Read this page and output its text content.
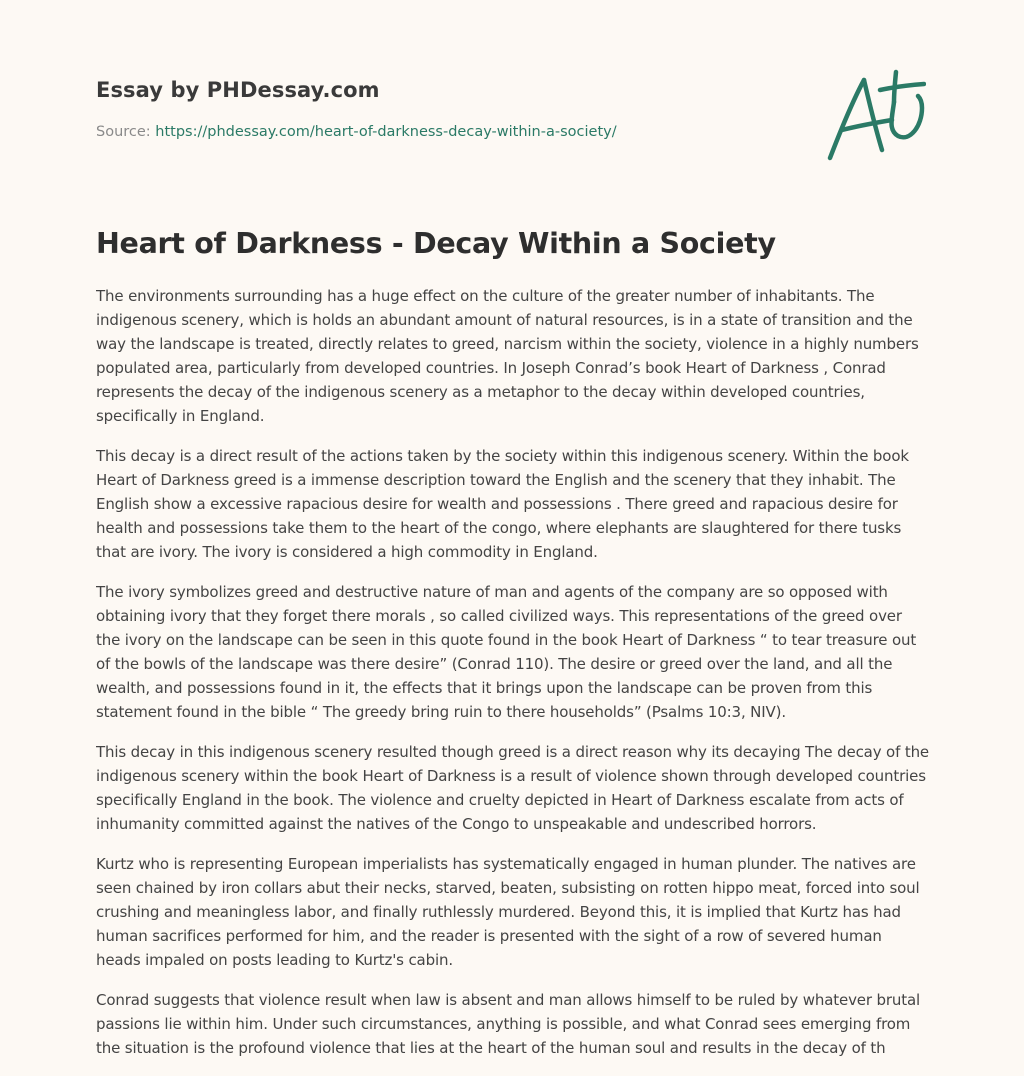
Essay by PHDessay.com
Source: https://phdessay.com/heart-of-darkness-decay-within-a-society/
Heart of Darkness - Decay Within a Society

The environments surrounding has a huge effect on the culture of the greater number of inhabitants. The indigenous scenery, which is holds an abundant amount of natural resources, is in a state of transition and the way the landscape is treated, directly relates to greed, narcism within the society, violence in a highly numbers populated area, particularly from developed countries. In Joseph Conrad’s book Heart of Darkness , Conrad represents the decay of the indigenous scenery as a metaphor to the decay within developed countries, specifically in England.

This decay is a direct result of the actions taken by the society within this indigenous scenery. Within the book Heart of Darkness greed is a immense description toward the English and the scenery that they inhabit. The English show a excessive rapacious desire for wealth and possessions . There greed and rapacious desire for health and possessions take them to the heart of the congo, where elephants are slaughtered for there tusks that are ivory. The ivory is considered a high commodity in England.

The ivory symbolizes greed and destructive nature of man and agents of the company are so opposed with obtaining ivory that they forget there morals , so called civilized ways. This representations of the greed over the ivory on the landscape can be seen in this quote found in the book Heart of Darkness “ to tear treasure out of the bowls of the landscape was there desire” (Conrad 110). The desire or greed over the land, and all the wealth, and possessions found in it, the effects that it brings upon the landscape can be proven from this statement found in the bible “ The greedy bring ruin to there households” (Psalms 10:3, NIV).

This decay in this indigenous scenery resulted though greed is a direct reason why its decaying The decay of the indigenous scenery within the book Heart of Darkness is a result of violence shown through developed countries specifically England in the book. The violence and cruelty depicted in Heart of Darkness escalate from acts of inhumanity committed against the natives of the Congo to unspeakable and undescribed horrors.

Kurtz who is representing European imperialists has systematically engaged in human plunder. The natives are seen chained by iron collars abut their necks, starved, beaten, subsisting on rotten hippo meat, forced into soul crushing and meaningless labor, and finally ruthlessly murdered. Beyond this, it is implied that Kurtz has had human sacrifices performed for him, and the reader is presented with the sight of a row of severed human heads impaled on posts leading to Kurtz's cabin.

Conrad suggests that violence result when law is absent and man allows himself to be ruled by whatever brutal passions lie within him. Under such circumstances, anything is possible, and what Conrad sees emerging from the situation is the profound violence that lies at the heart of the human soul and results in the decay of th
